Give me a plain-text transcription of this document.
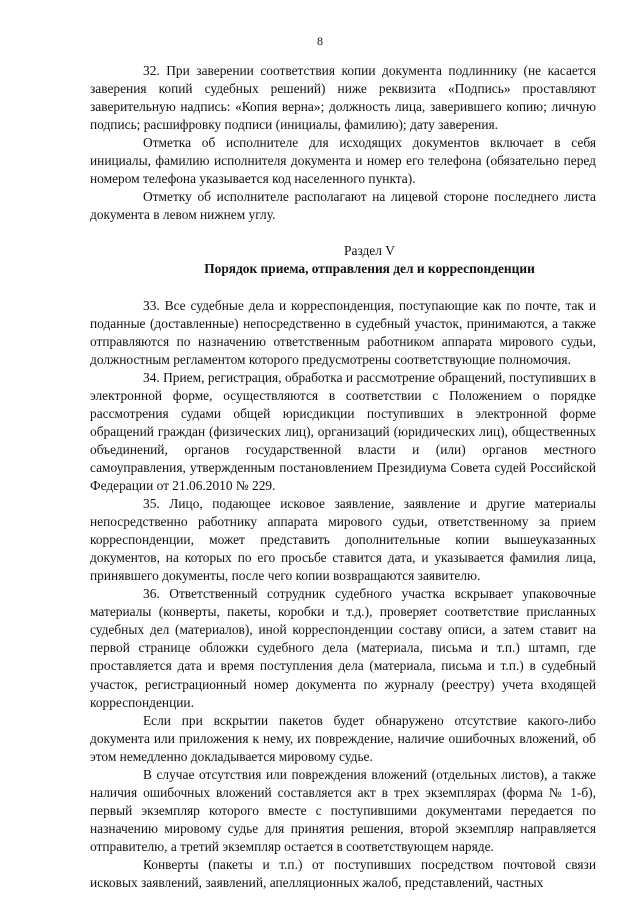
8

32. При заверении соответствия копии документа подлиннику (не касается заверения копий судебных решений) ниже реквизита «Подпись» проставляют заверительную надпись: «Копия верна»; должность лица, заверившего копию; личную подпись; расшифровку подписи (инициалы, фамилию); дату заверения.

Отметка об исполнителе для исходящих документов включает в себя инициалы, фамилию исполнителя документа и номер его телефона (обязательно перед номером телефона указывается код населенного пункта).

Отметку об исполнителе располагают на лицевой стороне последнего листа документа в левом нижнем углу.

Раздел V

Порядок приема, отправления дел и корреспонденции

33. Все судебные дела и корреспонденция, поступающие как по почте, так и поданные (доставленные) непосредственно в судебный участок, принимаются, а также отправляются по назначению ответственным работником аппарата мирового судьи, должностным регламентом которого предусмотрены соответствующие полномочия.

34. Прием, регистрация, обработка и рассмотрение обращений, поступивших в электронной форме, осуществляются в соответствии с Положением о порядке рассмотрения судами общей юрисдикции поступивших в электронной форме обращений граждан (физических лиц), организаций (юридических лиц), общественных объединений, органов государственной власти и (или) органов местного самоуправления, утвержденным постановлением Президиума Совета судей Российской Федерации от 21.06.2010 № 229.

35. Лицо, подающее исковое заявление, заявление и другие материалы непосредственно работнику аппарата мирового судьи, ответственному за прием корреспонденции, может представить дополнительные копии вышеуказанных документов, на которых по его просьбе ставится дата, и указывается фамилия лица, принявшего документы, после чего копии возвращаются заявителю.

36. Ответственный сотрудник судебного участка вскрывает упаковочные материалы (конверты, пакеты, коробки и т.д.), проверяет соответствие присланных судебных дел (материалов), иной корреспонденции составу описи, а затем ставит на первой странице обложки судебного дела (материала, письма и т.п.) штамп, где проставляется дата и время поступления дела (материала, письма и т.п.) в судебный участок, регистрационный номер документа по журналу (реестру) учета входящей корреспонденции.

Если при вскрытии пакетов будет обнаружено отсутствие какого-либо документа или приложения к нему, их повреждение, наличие ошибочных вложений, об этом немедленно докладывается мировому судье.

В случае отсутствия или повреждения вложений (отдельных листов), а также наличия ошибочных вложений составляется акт в трех экземплярах (форма № 1-б), первый экземпляр которого вместе с поступившими документами передается по назначению мировому судье для принятия решения, второй экземпляр направляется отправителю, а третий экземпляр остается в соответствующем наряде.

Конверты (пакеты и т.п.) от поступивших посредством почтовой связи исковых заявлений, заявлений, апелляционных жалоб, представлений, частных
